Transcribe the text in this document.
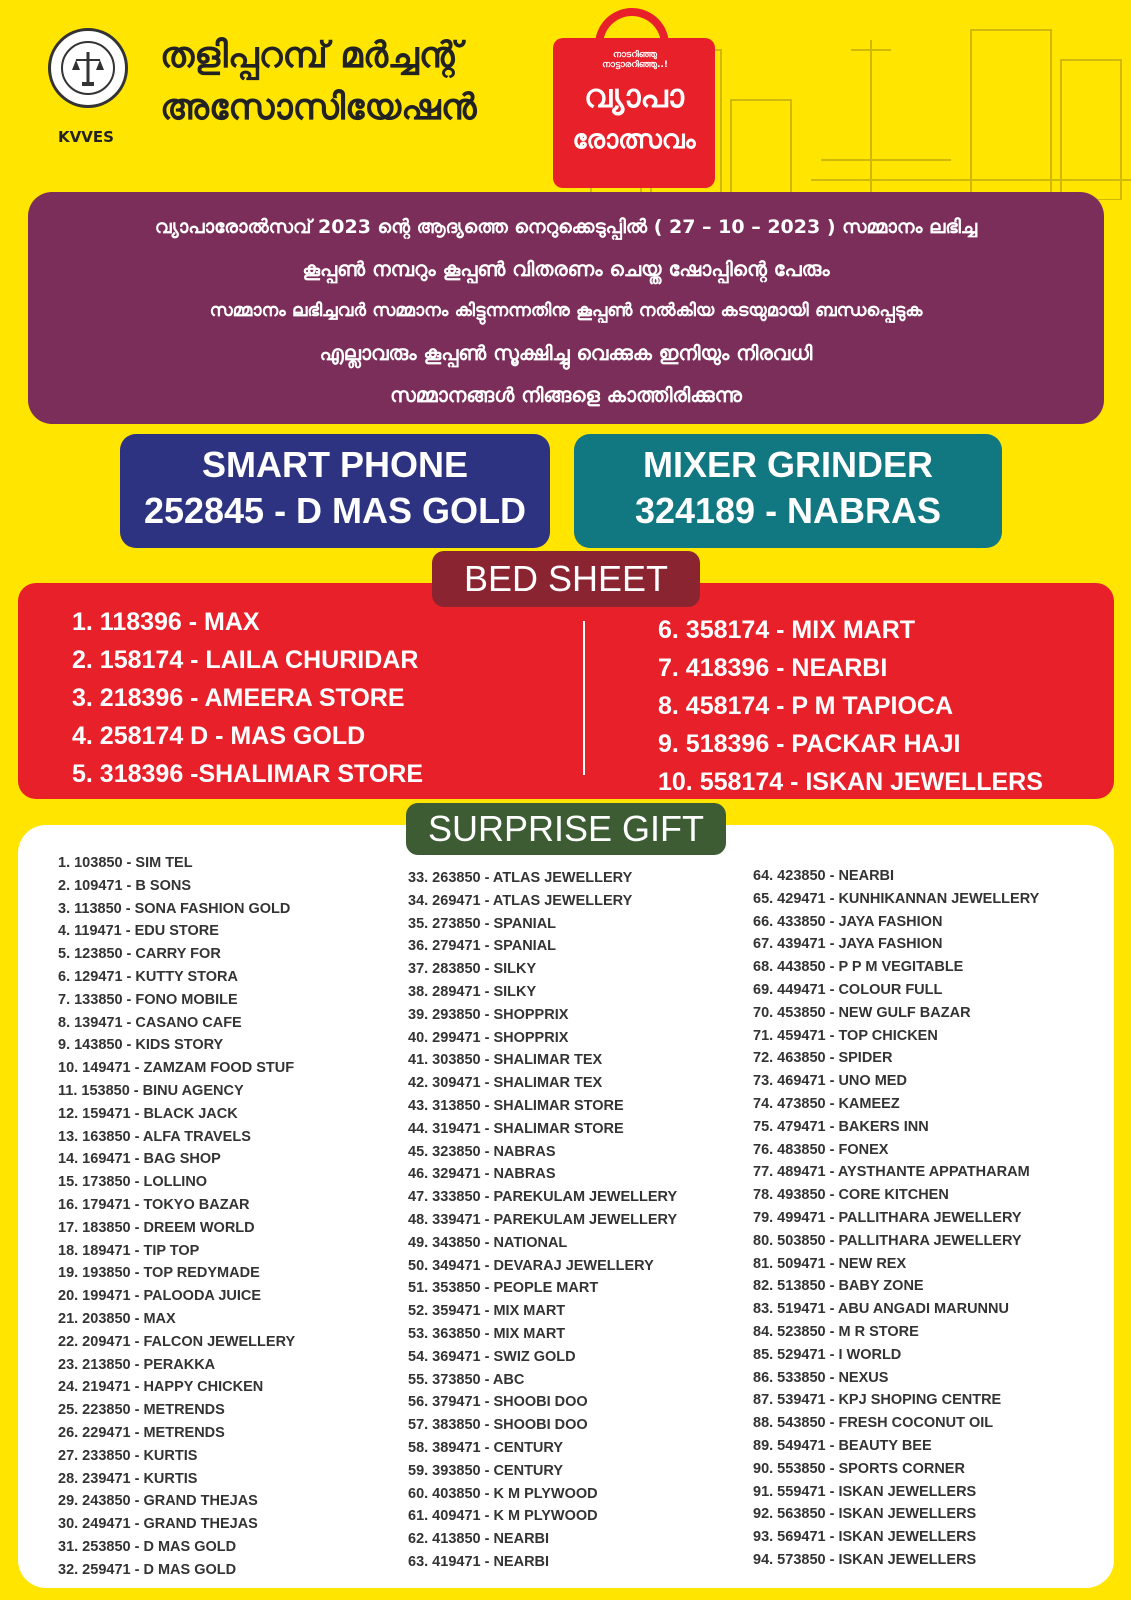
KVVES
തളിപ്പറമ്പ് മർച്ചന്റ്
അസോസിയേഷൻ
നാടറിഞ്ഞു നാട്ടാരറിഞ്ഞു..!
വ്യാപാ
രോത്സവം
വ്യാപാരോൽസവ് 2023 ന്റെ ആദ്യത്തെ നെറുക്കെടുപ്പിൽ ( 27 – 10 – 2023 ) സമ്മാനം ലഭിച്ച
കൂപ്പൺ നമ്പറും കൂപ്പൺ വിതരണം ചെയ്ത ഷോപ്പിന്റെ പേരും
സമ്മാനം ലഭിച്ചവർ സമ്മാനം കിട്ടുന്നന്നതിനു കൂപ്പൺ നൽകിയ കടയുമായി ബന്ധപ്പെടുക
എല്ലാവരും കൂപ്പൺ സൂക്ഷിച്ചു വെക്കുക ഇനിയും നിരവധി
സമ്മാനങ്ങൾ നിങ്ങളെ കാത്തിരിക്കുന്നു
SMART PHONE
252845 - D MAS GOLD
MIXER GRINDER
324189 - NABRAS
1. 118396 - MAX
2. 158174 - LAILA CHURIDAR
3. 218396 - AMEERA STORE
4. 258174 D - MAS GOLD
5. 318396 -SHALIMAR STORE
6. 358174 - MIX MART
7. 418396 - NEARBI
8. 458174 - P M TAPIOCA
9. 518396 - PACKAR HAJI
10. 558174 - ISKAN JEWELLERS
BED SHEET
1. 103850 - SIM TEL
2. 109471 - B SONS
3. 113850 - SONA FASHION GOLD
4. 119471 - EDU STORE
5. 123850 - CARRY FOR
6. 129471 - KUTTY STORA
7. 133850 - FONO MOBILE
8. 139471 - CASANO CAFE
9. 143850 - KIDS STORY
10. 149471 - ZAMZAM FOOD STUF
11. 153850 - BINU AGENCY
12. 159471 - BLACK JACK
13. 163850 - ALFA TRAVELS
14. 169471 - BAG SHOP
15. 173850 - LOLLINO
16. 179471 - TOKYO BAZAR
17. 183850 - DREEM WORLD
18. 189471 - TIP TOP
19. 193850 - TOP REDYMADE
20. 199471 - PALOODA JUICE
21. 203850 - MAX
22. 209471 - FALCON JEWELLERY
23. 213850 - PERAKKA
24. 219471 - HAPPY CHICKEN
25. 223850 - METRENDS
26. 229471 - METRENDS
27. 233850 - KURTIS
28. 239471 - KURTIS
29. 243850 - GRAND THEJAS
30. 249471 - GRAND THEJAS
31. 253850 - D MAS GOLD
32. 259471 - D MAS GOLD
33. 263850 - ATLAS JEWELLERY
34. 269471 - ATLAS JEWELLERY
35. 273850 - SPANIAL
36. 279471 - SPANIAL
37. 283850 - SILKY
38. 289471 - SILKY
39. 293850 - SHOPPRIX
40. 299471 - SHOPPRIX
41. 303850 - SHALIMAR TEX
42. 309471 - SHALIMAR TEX
43. 313850 - SHALIMAR STORE
44. 319471 - SHALIMAR STORE
45. 323850 - NABRAS
46. 329471 - NABRAS
47. 333850 - PAREKULAM JEWELLERY
48. 339471 - PAREKULAM JEWELLERY
49. 343850 - NATIONAL
50. 349471 - DEVARAJ JEWELLERY
51. 353850 - PEOPLE MART
52. 359471 - MIX MART
53. 363850 - MIX MART
54. 369471 - SWIZ GOLD
55. 373850 - ABC
56. 379471 - SHOOBI DOO
57. 383850 - SHOOBI DOO
58. 389471 - CENTURY
59. 393850 - CENTURY
60. 403850 - K M PLYWOOD
61. 409471 - K M PLYWOOD
62. 413850 - NEARBI
63. 419471 - NEARBI
64. 423850 - NEARBI
65. 429471 - KUNHIKANNAN JEWELLERY
66. 433850 - JAYA FASHION
67. 439471 - JAYA FASHION
68. 443850 - P P M VEGITABLE
69. 449471 - COLOUR FULL
70. 453850 - NEW GULF BAZAR
71. 459471 - TOP CHICKEN
72. 463850 - SPIDER
73. 469471 - UNO MED
74. 473850 - KAMEEZ
75. 479471 - BAKERS INN
76. 483850 - FONEX
77. 489471 - AYSTHANTE APPATHARAM
78. 493850 - CORE KITCHEN
79. 499471 - PALLITHARA JEWELLERY
80. 503850 - PALLITHARA JEWELLERY
81. 509471 - NEW REX
82. 513850 - BABY ZONE
83. 519471 - ABU ANGADI MARUNNU
84. 523850 - M R STORE
85. 529471 - I WORLD
86. 533850 - NEXUS
87. 539471 - KPJ SHOPING CENTRE
88. 543850 - FRESH COCONUT OIL
89. 549471 - BEAUTY BEE
90. 553850 - SPORTS CORNER
91. 559471 - ISKAN JEWELLERS
92. 563850 - ISKAN JEWELLERS
93. 569471 - ISKAN JEWELLERS
94. 573850 - ISKAN JEWELLERS
SURPRISE GIFT
